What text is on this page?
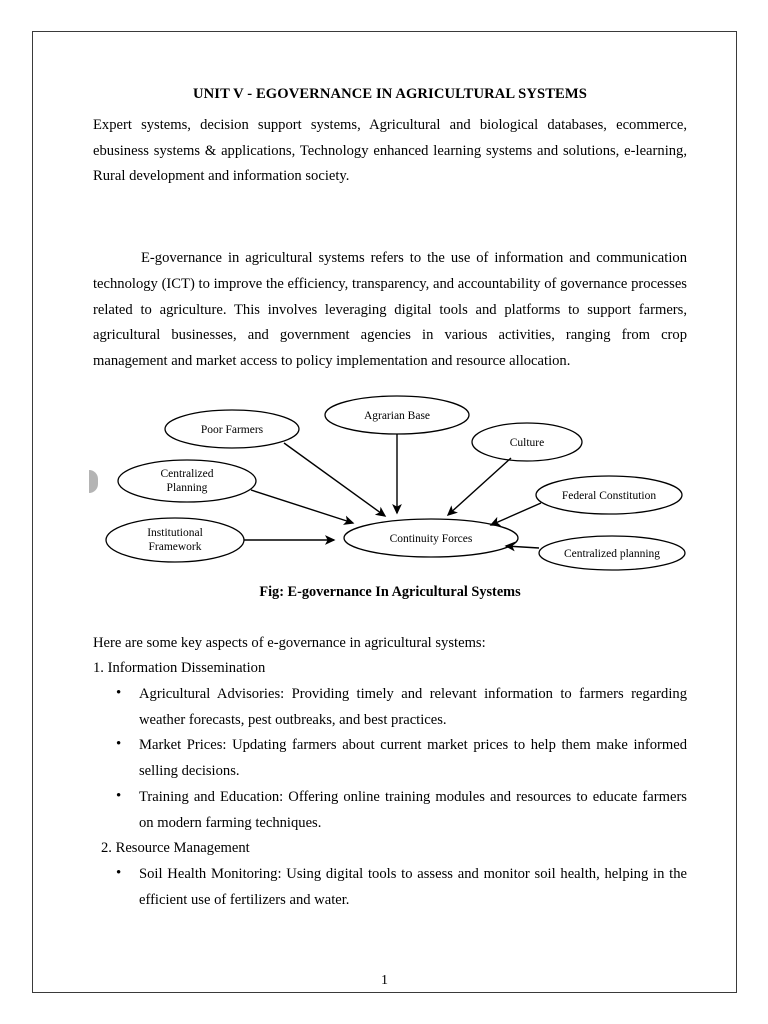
UNIT V - EGOVERNANCE IN AGRICULTURAL SYSTEMS

Expert systems, decision support systems, Agricultural and biological databases, ecommerce, ebusiness systems & applications, Technology enhanced learning systems and solutions, e-learning, Rural development and information society.

E-governance in agricultural systems refers to the use of information and communication technology (ICT) to improve the efficiency, transparency, and accountability of governance processes related to agriculture. This involves leveraging digital tools and platforms to support farmers, agricultural businesses, and government agencies in various activities, ranging from crop management and market access to policy implementation and resource allocation.

Poor Farmers
Agrarian Base
Culture
Federal Constitution
Centralized
Planning
Institutional
Framework
Centralized planning
Continuity Forces

Fig: E-governance In Agricultural Systems

Here are some key aspects of e-governance in agricultural systems:

1. Information Dissemination

• Agricultural Advisories: Providing timely and relevant information to farmers regarding weather forecasts, pest outbreaks, and best practices.
• Market Prices: Updating farmers about current market prices to help them make informed selling decisions.
• Training and Education: Offering online training modules and resources to educate farmers on modern farming techniques.

2. Resource Management

• Soil Health Monitoring: Using digital tools to assess and monitor soil health, helping in the efficient use of fertilizers and water.
1
